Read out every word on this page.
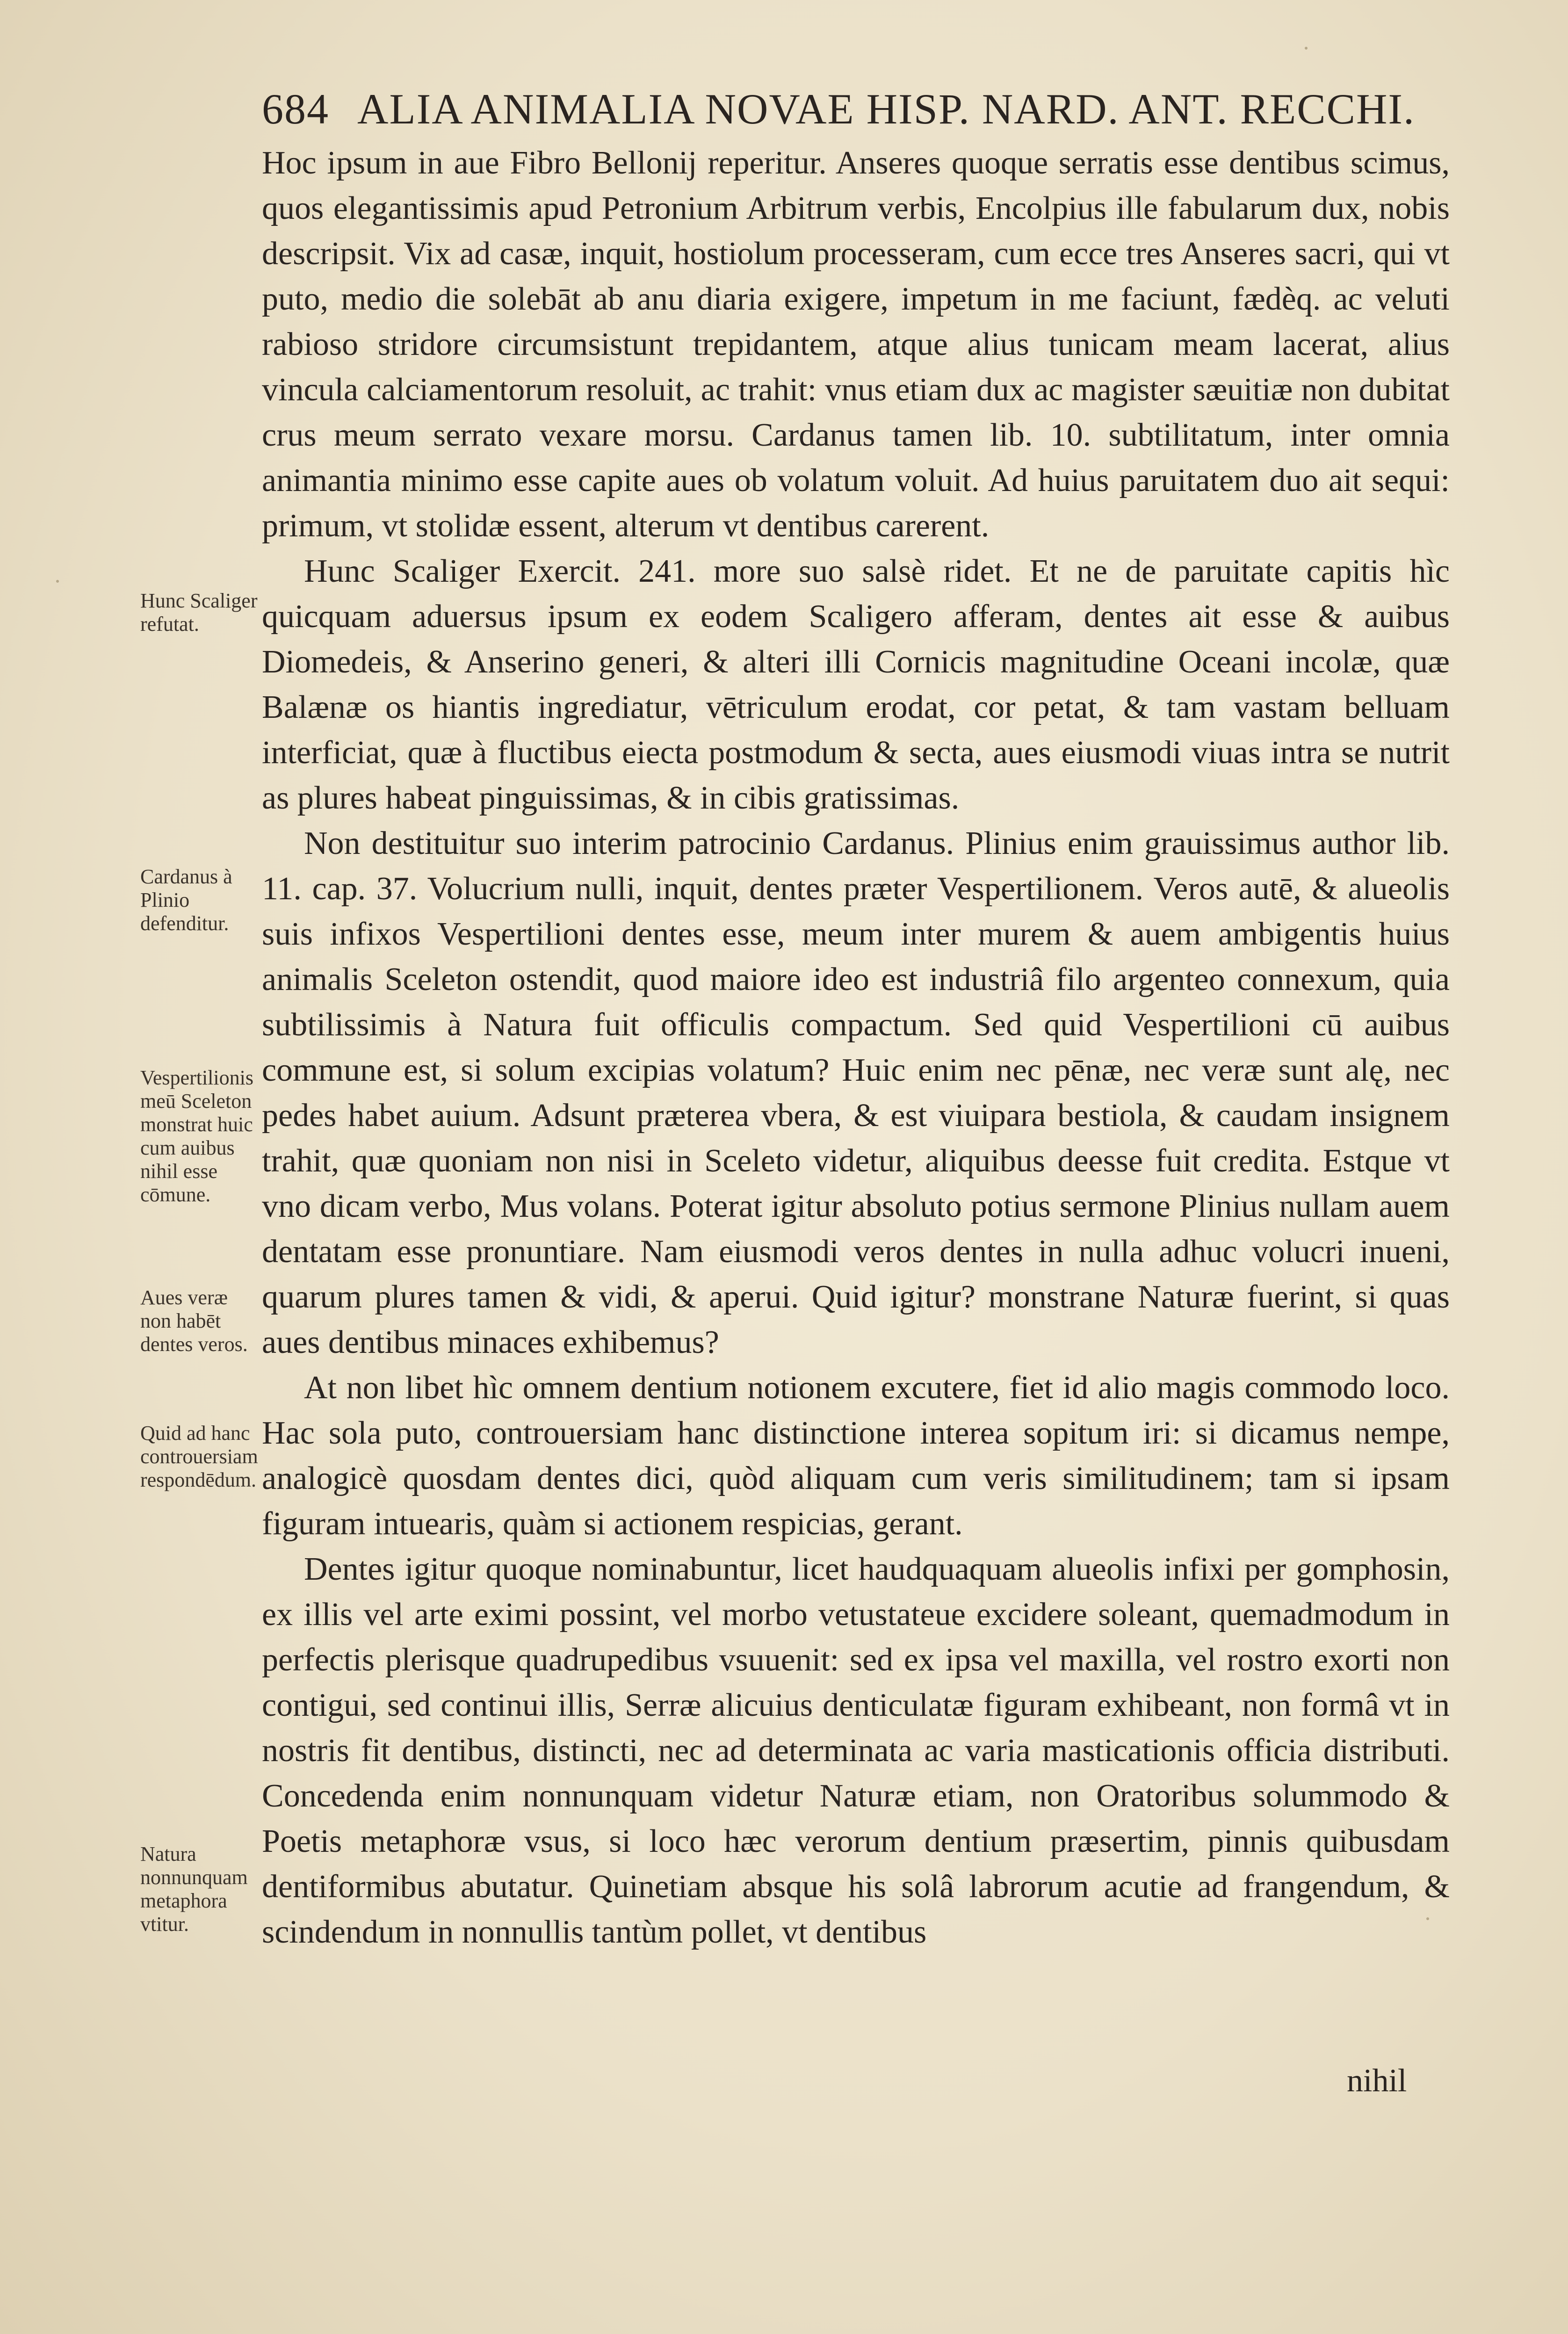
684 ALIA ANIMALIA NOVAE HISP. NARD. ANT. RECCHI.

Hoc ipsum in aue Fibro Bellonij reperitur. Anseres quoque serratis esse dentibus scimus, quos elegantissimis apud Petronium Arbitrum verbis, Encolpius ille fabularum dux, nobis descripsit. Vix ad casæ, inquit, hostiolum processeram, cum ecce tres Anseres sacri, qui vt puto, medio die solebāt ab anu diaria exigere, impetum in me faciunt, fædèq. ac veluti rabioso stridore circumsistunt trepidantem, atque alius tunicam meam lacerat, alius vincula calciamentorum resoluit, ac trahit: vnus etiam dux ac magister sæuitiæ non dubitat crus meum serrato vexare morsu. Cardanus tamen lib. 10. subtilitatum, inter omnia animantia minimo esse capite aues ob volatum voluit. Ad huius paruitatem duo ait sequi: primum, vt stolidæ essent, alterum vt dentibus carerent.

Hunc Scaliger Exercit. 241. more suo salsè ridet. Et ne de paruitate capitis hìc quicquam aduersus ipsum ex eodem Scaligero afferam, dentes ait esse & auibus Diomedeis, & Anserino generi, & alteri illi Cornicis magnitudine Oceani incolæ, quæ Balænæ os hiantis ingrediatur, vētriculum erodat, cor petat, & tam vastam belluam interficiat, quæ à fluctibus eiecta postmodum & secta, aues eiusmodi viuas intra se nutrit as plures habeat pinguissimas, & in cibis gratissimas.

Non destituitur suo interim patrocinio Cardanus. Plinius enim grauissimus author lib. 11. cap. 37. Volucrium nulli, inquit, dentes præter Vespertilionem. Veros autē, & alueolis suis infixos Vespertilioni dentes esse, meum inter murem & auem ambigentis huius animalis Sceleton ostendit, quod maiore ideo est industriâ filo argenteo connexum, quia subtilissimis à Natura fuit officulis compactum. Sed quid Vespertilioni cū auibus commune est, si solum excipias volatum? Huic enim nec pēnæ, nec veræ sunt alę, nec pedes habet auium. Adsunt præterea vbera, & est viuipara bestiola, & caudam insignem trahit, quæ quoniam non nisi in Sceleto videtur, aliquibus deesse fuit credita. Estque vt vno dicam verbo, Mus volans. Poterat igitur absoluto potius sermone Plinius nullam auem dentatam esse pronuntiare. Nam eiusmodi veros dentes in nulla adhuc volucri inueni, quarum plures tamen & vidi, & aperui. Quid igitur? monstrane Naturæ fuerint, si quas aues dentibus minaces exhibemus?

At non libet hìc omnem dentium notionem excutere, fiet id alio magis commodo loco. Hac sola puto, controuersiam hanc distinctione interea sopitum iri: si dicamus nempe, analogicè quosdam dentes dici, quòd aliquam cum veris similitudinem; tam si ipsam figuram intuearis, quàm si actionem respicias, gerant.

Dentes igitur quoque nominabuntur, licet haudquaquam alueolis infixi per gomphosin, ex illis vel arte eximi possint, vel morbo vetustateue excidere soleant, quemadmodum in perfectis plerisque quadrupedibus vsuuenit: sed ex ipsa vel maxilla, vel rostro exorti non contigui, sed continui illis, Serræ alicuius denticulatæ figuram exhibeant, non formâ vt in nostris fit dentibus, distincti, nec ad determinata ac varia masticationis officia distributi. Concedenda enim nonnunquam videtur Naturæ etiam, non Oratoribus solummodo & Poetis metaphoræ vsus, si loco hæc verorum dentium præsertim, pinnis quibusdam dentiformibus abutatur. Quinetiam absque his solâ labrorum acutie ad frangendum, & scindendum in nonnullis tantùm pollet, vt dentibus

nihil
Hunc Scaliger refutat.
Cardanus à Plinio defenditur.
Vespertilionis meū Sceleton monstrat huic cum auibus nihil esse cōmune.
Aues veræ non habēt dentes veros.
Quid ad hanc controuersiam respondēdum.
Natura nonnunquam metaphora vtitur.
